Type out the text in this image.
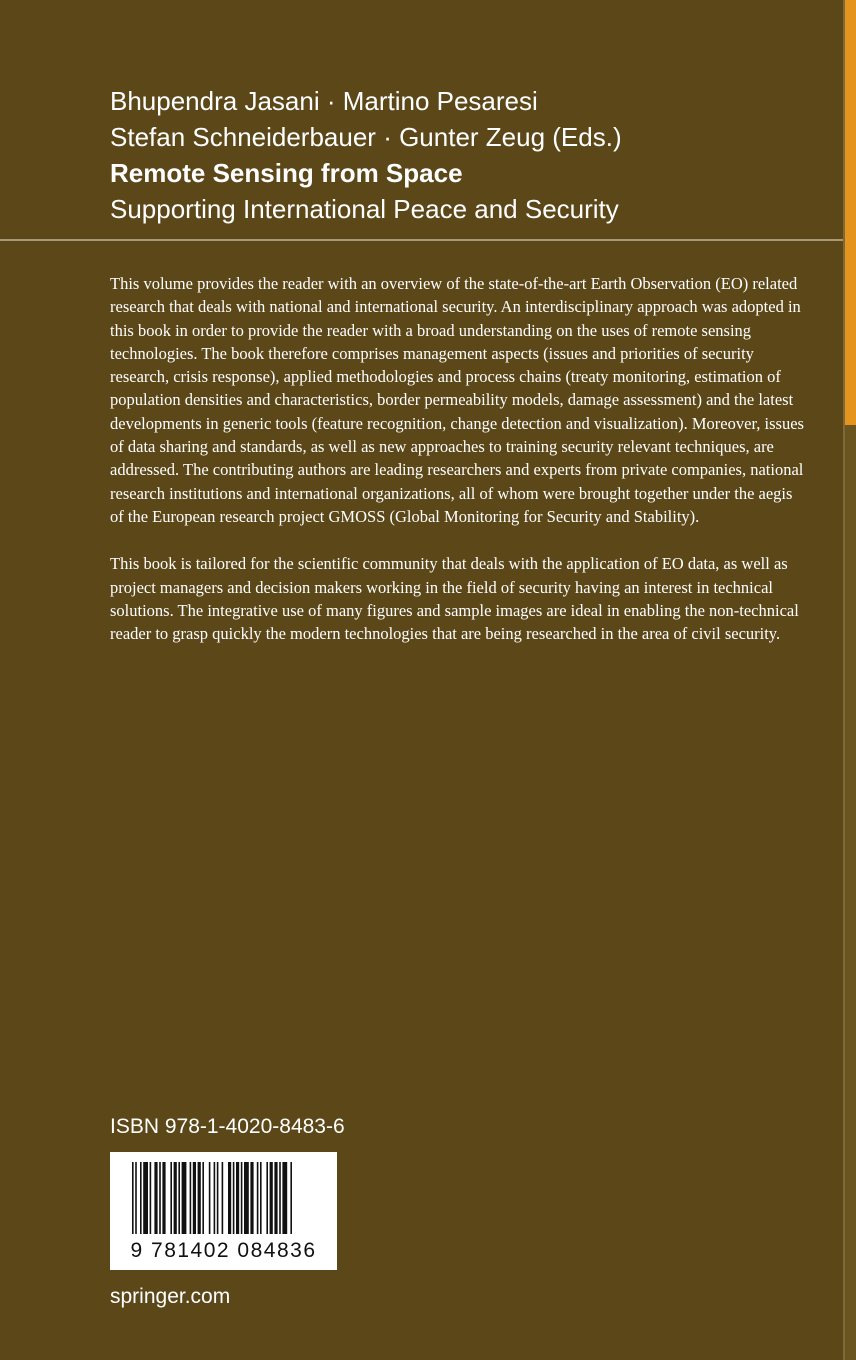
Bhupendra Jasani · Martino Pesaresi
Stefan Schneiderbauer · Gunter Zeug (Eds.)
Remote Sensing from Space
Supporting International Peace and Security

This volume provides the reader with an overview of the state-of-the-art Earth Observation (EO) related research that deals with national and international security. An interdisciplinary approach was adopted in this book in order to provide the reader with a broad understanding on the uses of remote sensing technologies. The book therefore comprises management aspects (issues and priorities of security research, crisis response), applied methodologies and process chains (treaty monitoring, estimation of population densities and characteristics, border permeability models, damage assessment) and the latest developments in generic tools (feature recognition, change detection and visualization). Moreover, issues of data sharing and standards, as well as new approaches to training security relevant techniques, are addressed. The contributing authors are leading researchers and experts from private companies, national research institutions and international organizations, all of whom were brought together under the aegis of the European research project GMOSS (Global Monitoring for Security and Stability).

This book is tailored for the scientific community that deals with the application of EO data, as well as project managers and decision makers working in the field of security having an interest in technical solutions. The integrative use of many figures and sample images are ideal in enabling the non-technical reader to grasp quickly the modern technologies that are being researched in the area of civil security.

ISBN 978-1-4020-8483-6
9 781402 084836
springer.com
